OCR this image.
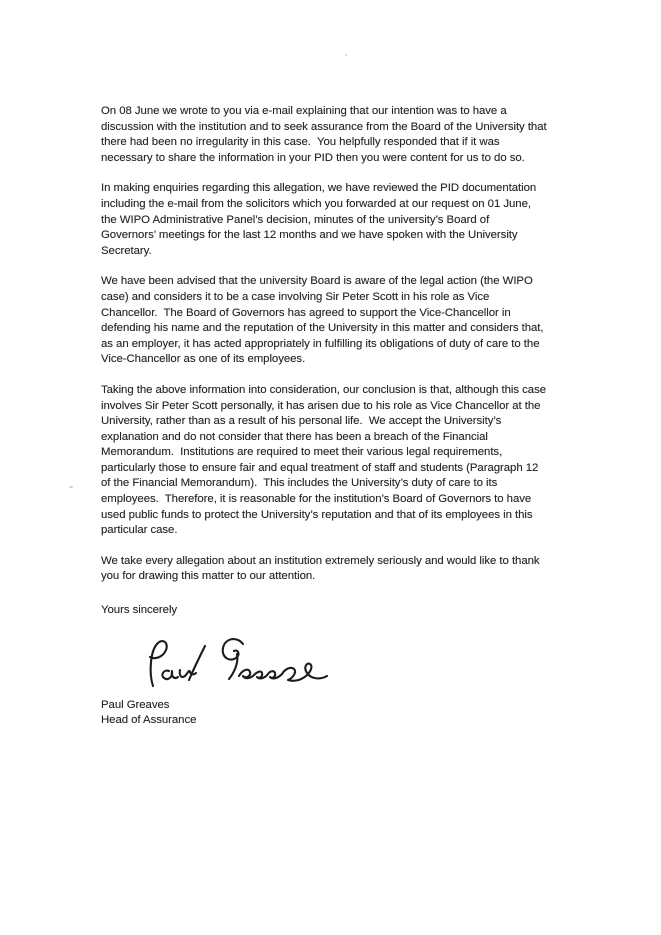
On 08 June we wrote to you via e-mail explaining that our intention was to have a
discussion with the institution and to seek assurance from the Board of the University that
there had been no irregularity in this case.  You helpfully responded that if it was
necessary to share the information in your PID then you were content for us to do so.
In making enquiries regarding this allegation, we have reviewed the PID documentation
including the e-mail from the solicitors which you forwarded at our request on 01 June,
the WIPO Administrative Panel’s decision, minutes of the university’s Board of
Governors’ meetings for the last 12 months and we have spoken with the University
Secretary.
We have been advised that the university Board is aware of the legal action (the WIPO
case) and considers it to be a case involving Sir Peter Scott in his role as Vice
Chancellor.  The Board of Governors has agreed to support the Vice-Chancellor in
defending his name and the reputation of the University in this matter and considers that,
as an employer, it has acted appropriately in fulfilling its obligations of duty of care to the
Vice-Chancellor as one of its employees.
Taking the above information into consideration, our conclusion is that, although this case
involves Sir Peter Scott personally, it has arisen due to his role as Vice Chancellor at the
University, rather than as a result of his personal life.  We accept the University’s
explanation and do not consider that there has been a breach of the Financial
Memorandum.  Institutions are required to meet their various legal requirements,
particularly those to ensure fair and equal treatment of staff and students (Paragraph 12
of the Financial Memorandum).  This includes the University’s duty of care to its
employees.  Therefore, it is reasonable for the institution’s Board of Governors to have
used public funds to protect the University’s reputation and that of its employees in this
particular case.
We take every allegation about an institution extremely seriously and would like to thank
you for drawing this matter to our attention.
Yours sincerely
Paul Greaves
Head of Assurance
